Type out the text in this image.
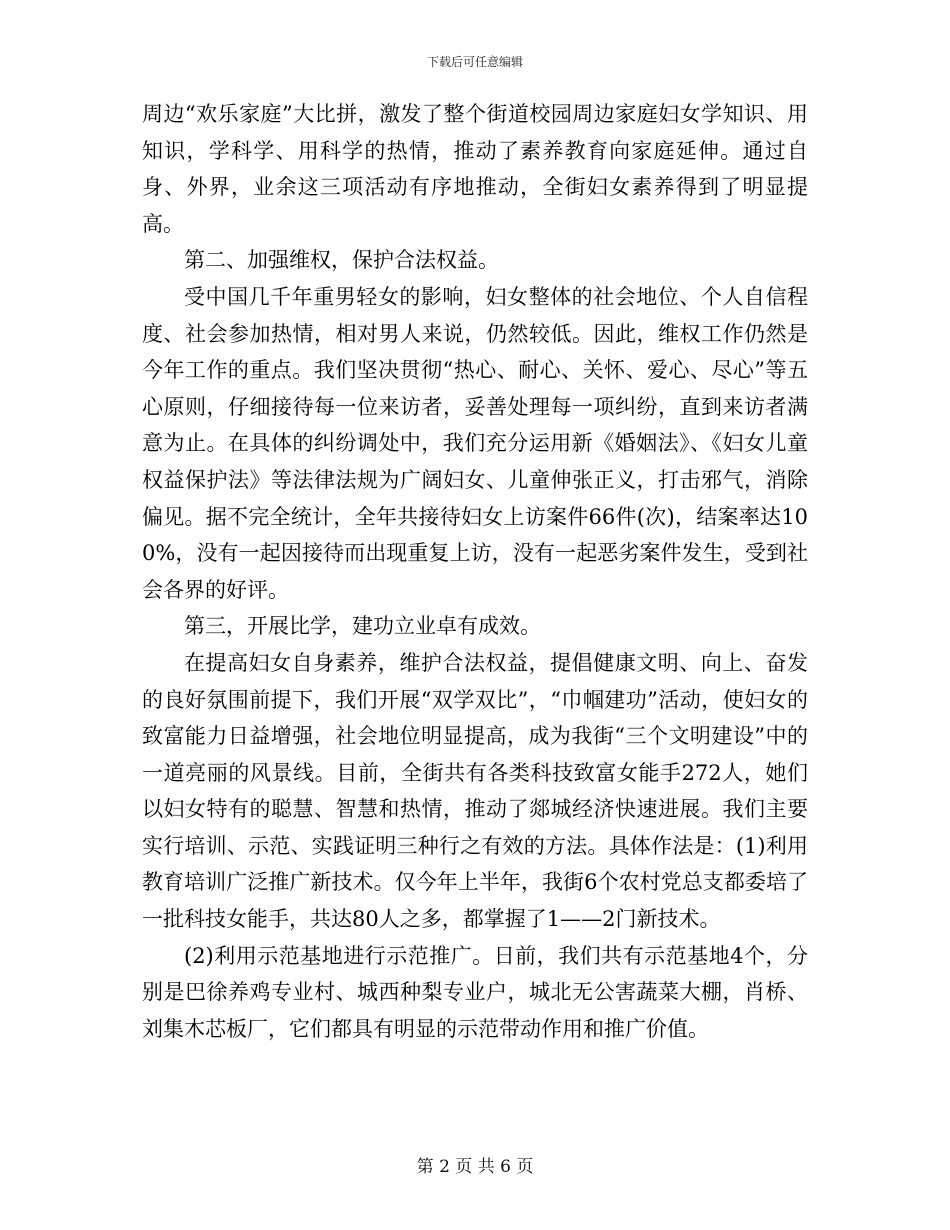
下载后可任意编辑

周边“欢乐家庭”大比拼，激发了整个街道校园周边家庭妇女学知识、用知识，学科学、用科学的热情，推动了素养教育向家庭延伸。通过自身、外界，业余这三项活动有序地推动，全街妇女素养得到了明显提高。

第二、加强维权，保护合法权益。

受中国几千年重男轻女的影响，妇女整体的社会地位、个人自信程度、社会参加热情，相对男人来说，仍然较低。因此，维权工作仍然是今年工作的重点。我们坚决贯彻“热心、耐心、关怀、爱心、尽心”等五心原则，仔细接待每一位来访者，妥善处理每一项纠纷，直到来访者满意为止。在具体的纠纷调处中，我们充分运用新《婚姻法》、《妇女儿童权益保护法》等法律法规为广阔妇女、儿童伸张正义，打击邪气，消除偏见。据不完全统计，全年共接待妇女上访案件66件(次)，结案率达100%，没有一起因接待而出现重复上访，没有一起恶劣案件发生，受到社会各界的好评。

第三，开展比学，建功立业卓有成效。

在提高妇女自身素养，维护合法权益，提倡健康文明、向上、奋发的良好氛围前提下，我们开展“双学双比”，“巾帼建功”活动，使妇女的致富能力日益增强，社会地位明显提高，成为我街“三个文明建设”中的一道亮丽的风景线。目前，全街共有各类科技致富女能手272人，她们以妇女特有的聪慧、智慧和热情，推动了郯城经济快速进展。我们主要实行培训、示范、实践证明三种行之有效的方法。具体作法是：(1)利用教育培训广泛推广新技术。仅今年上半年，我街6个农村党总支都委培了一批科技女能手，共达80人之多，都掌握了1——2门新技术。

(2)利用示范基地进行示范推广。日前，我们共有示范基地4个，分别是巴徐养鸡专业村、城西种梨专业户，城北无公害蔬菜大棚，肖桥、刘集木芯板厂，它们都具有明显的示范带动作用和推广价值。

第 2 页 共 6 页
